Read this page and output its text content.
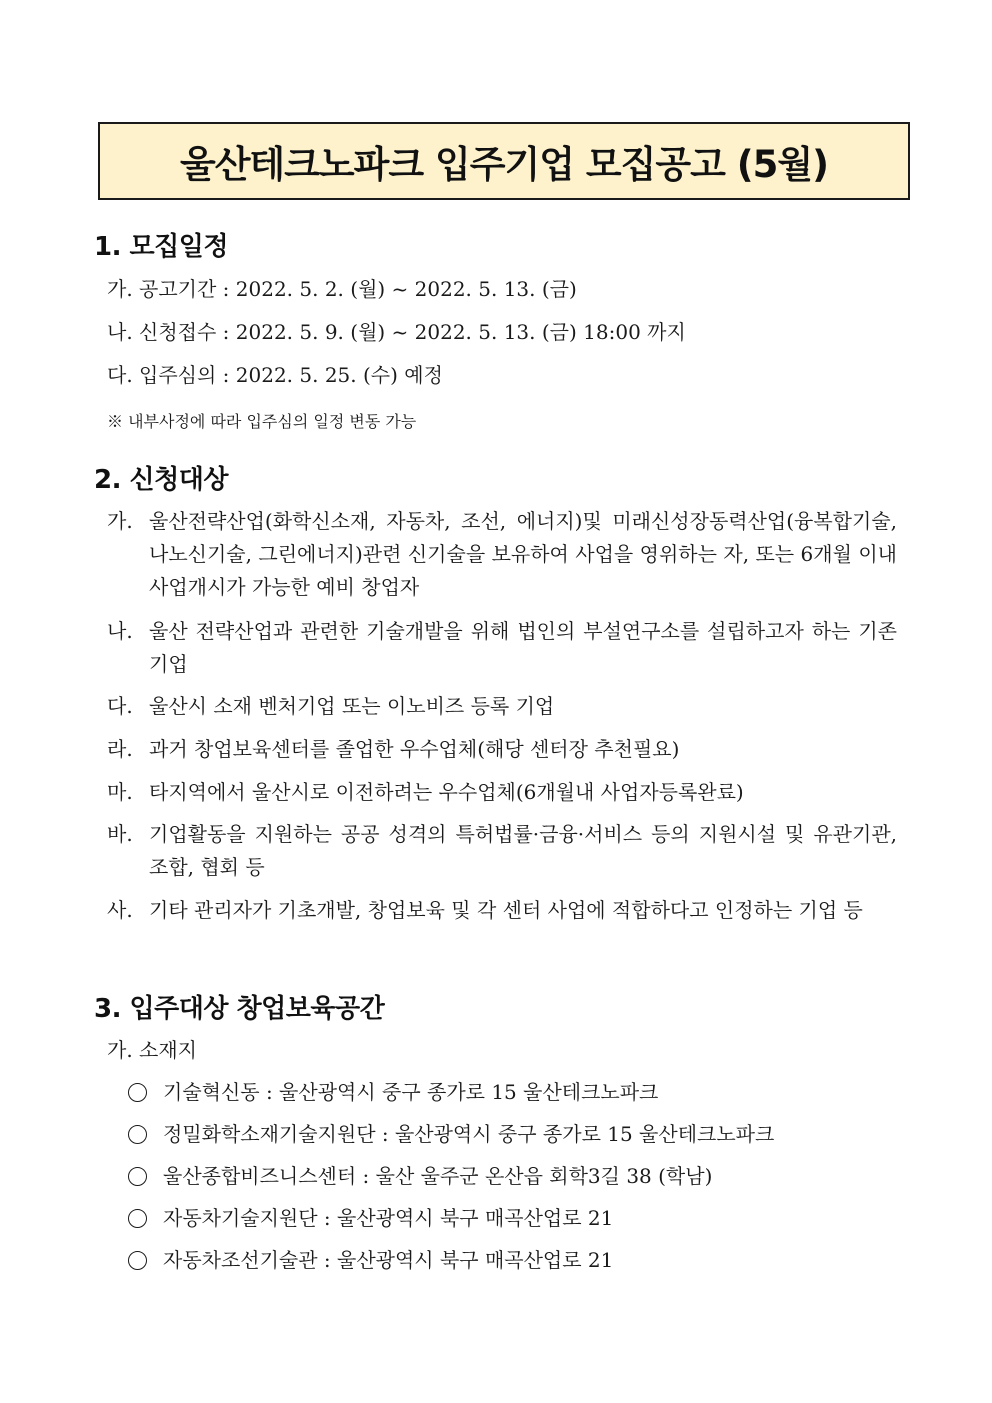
울산테크노파크 입주기업 모집공고 (5월)
1. 모집일정
가. 공고기간 : 2022. 5. 2. (월) ~ 2022. 5. 13. (금)
나. 신청접수 : 2022. 5. 9. (월) ~ 2022. 5. 13. (금) 18:00 까지
다. 입주심의 : 2022. 5. 25. (수) 예정
※ 내부사정에 따라 입주심의 일정 변동 가능
2. 신청대상
가. 울산전략산업(화학신소재, 자동차, 조선, 에너지)및 미래신성장동력산업(융복합기술, 나노신기술, 그린에너지)관련 신기술을 보유하여 사업을 영위하는 자, 또는 6개월 이내 사업개시가 가능한 예비 창업자
나. 울산 전략산업과 관련한 기술개발을 위해 법인의 부설연구소를 설립하고자 하는 기존 기업
다. 울산시 소재 벤처기업 또는 이노비즈 등록 기업
라. 과거 창업보육센터를 졸업한 우수업체(해당 센터장 추천필요)
마. 타지역에서 울산시로 이전하려는 우수업체(6개월내 사업자등록완료)
바. 기업활동을 지원하는 공공 성격의 특허법률·금융·서비스 등의 지원시설 및 유관기관, 조합, 협회 등
사. 기타 관리자가 기초개발, 창업보육 및 각 센터 사업에 적합하다고 인정하는 기업 등
3. 입주대상 창업보육공간
가. 소재지
기술혁신동 : 울산광역시 중구 종가로 15 울산테크노파크
정밀화학소재기술지원단 : 울산광역시 중구 종가로 15 울산테크노파크
울산종합비즈니스센터 : 울산 울주군 온산읍 회학3길 38 (학남)
자동차기술지원단 : 울산광역시 북구 매곡산업로 21
자동차조선기술관 : 울산광역시 북구 매곡산업로 21
